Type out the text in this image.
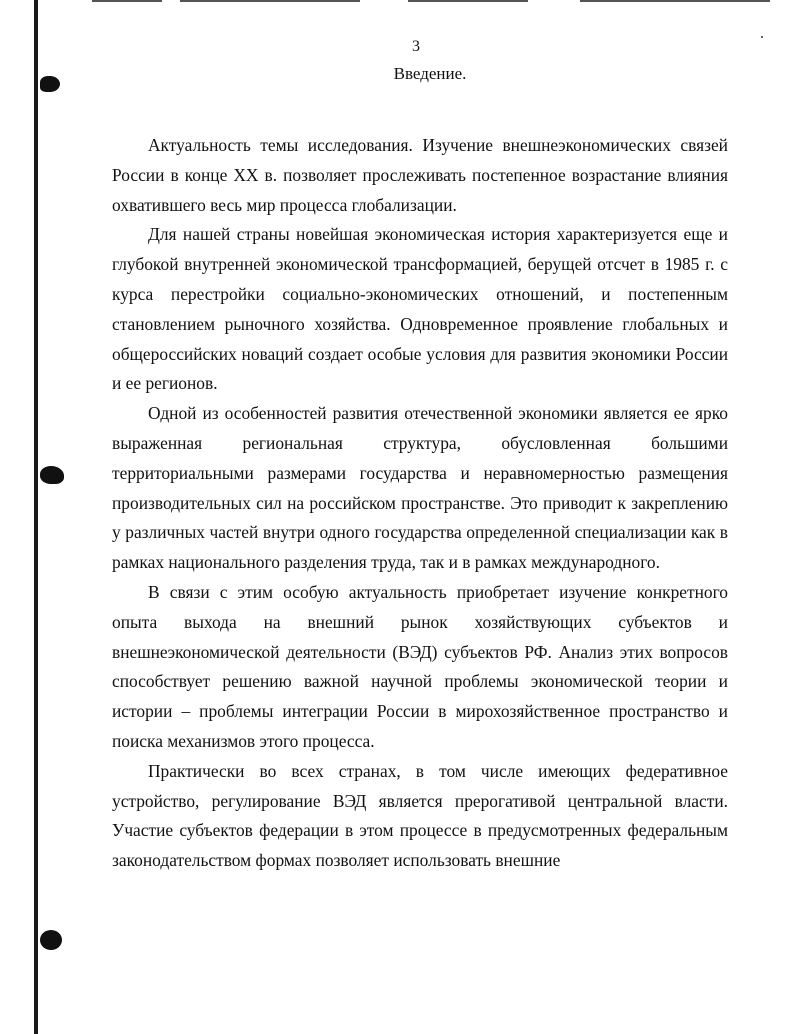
3
Введение.

Актуальность темы исследования. Изучение внешнеэкономических связей России в конце XX в. позволяет прослеживать постепенное возрастание влияния охватившего весь мир процесса глобализации.

Для нашей страны новейшая экономическая история характеризуется еще и глубокой внутренней экономической трансформацией, берущей отсчет в 1985 г. с курса перестройки социально-экономических отношений, и постепенным становлением рыночного хозяйства. Одновременное проявление глобальных и общероссийских новаций создает особые условия для развития экономики России и ее регионов.

Одной из особенностей развития отечественной экономики является ее ярко выраженная региональная структура, обусловленная большими территориальными размерами государства и неравномерностью размещения производительных сил на российском пространстве. Это приводит к закреплению у различных частей внутри одного государства определенной специализации как в рамках национального разделения труда, так и в рамках международного.

В связи с этим особую актуальность приобретает изучение конкретного опыта выхода на внешний рынок хозяйствующих субъектов и внешнеэкономической деятельности (ВЭД) субъектов РФ. Анализ этих вопросов способствует решению важной научной проблемы экономической теории и истории – проблемы интеграции России в мирохозяйственное пространство и поиска механизмов этого процесса.

Практически во всех странах, в том числе имеющих федеративное устройство, регулирование ВЭД является прерогативой центральной власти. Участие субъектов федерации в этом процессе в предусмотренных федеральным законодательством формах позволяет использовать внешние
